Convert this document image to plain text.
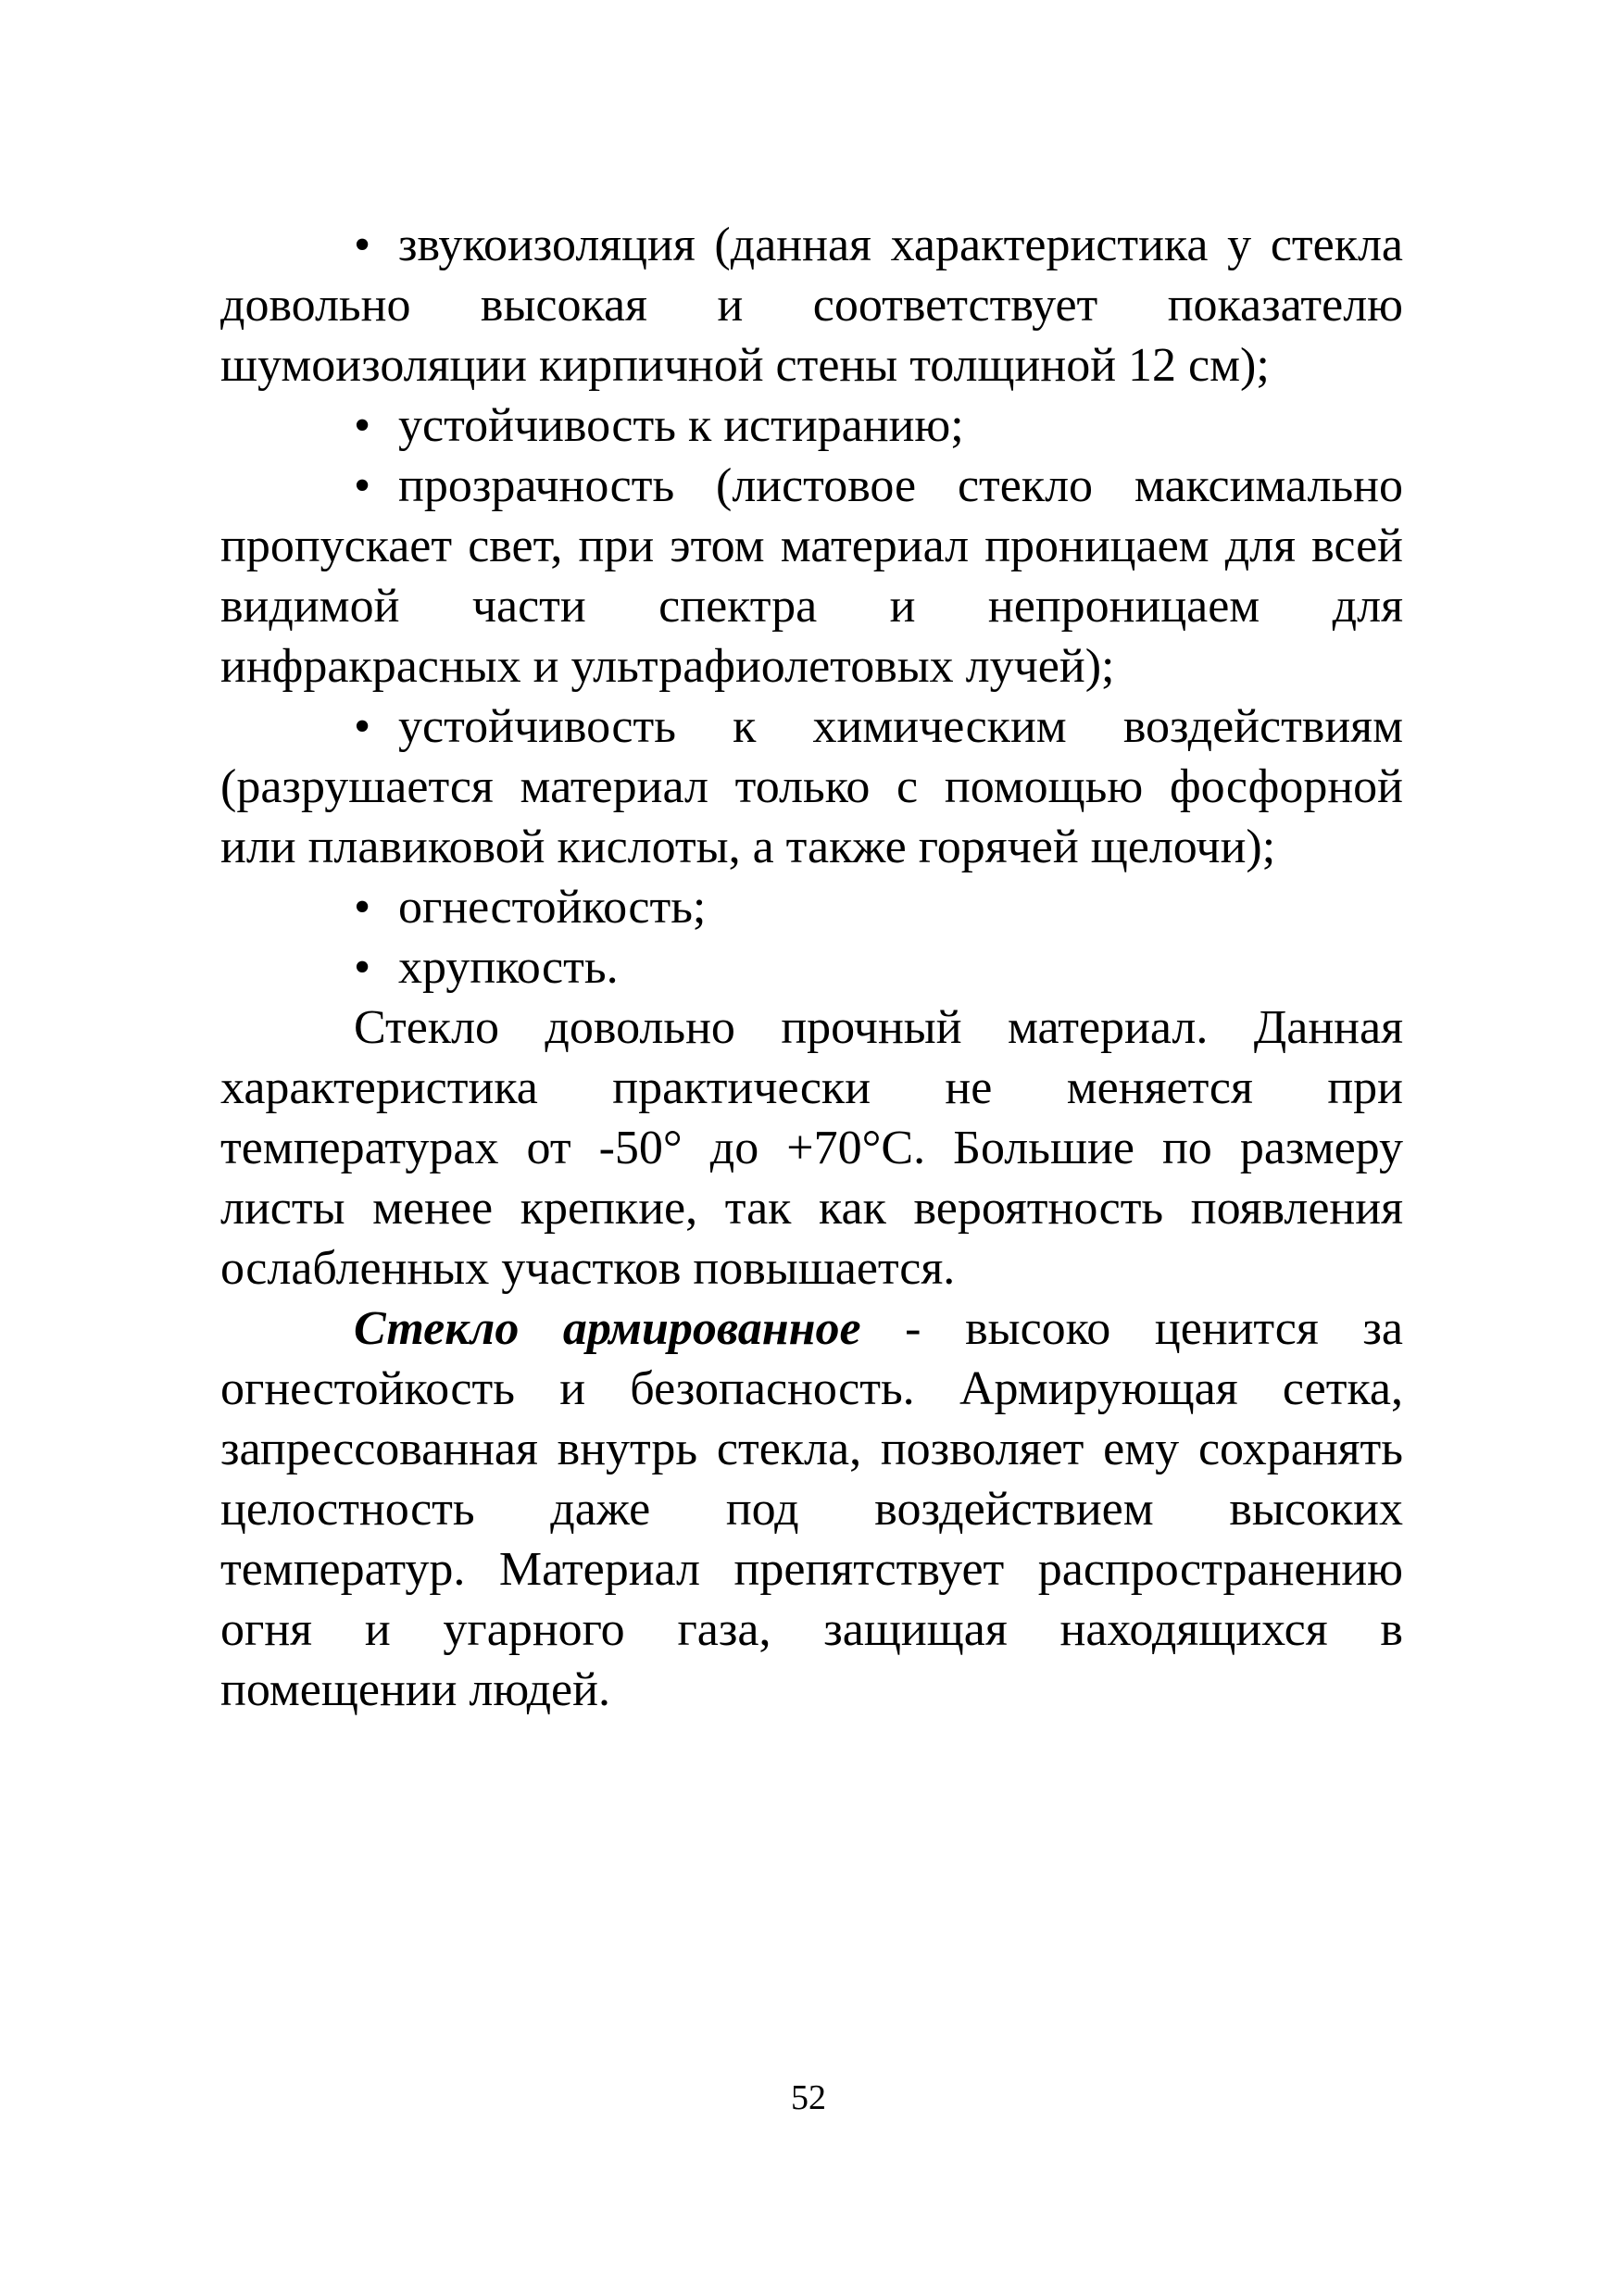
• звукоизоляция (данная характеристика у стекла довольно высокая и соответствует показателю шумоизоляции кирпичной стены толщиной 12 см);

• устойчивость к истиранию;

• прозрачность (листовое стекло максимально пропускает свет, при этом материал проницаем для всей видимой части спектра и непроницаем для инфракрасных и ультрафиолетовых лучей);

• устойчивость к химическим воздействиям (разрушается материал только с помощью фосфорной или плавиковой кислоты, а также горячей щелочи);

• огнестойкость;

• хрупкость.

Стекло довольно прочный материал. Данная характеристика практически не меняется при температурах от -50° до +70°С. Большие по размеру листы менее крепкие, так как вероятность появления ослабленных участков повышается.

Стекло армированное - высоко ценится за огнестойкость и безопасность. Армирующая сетка, запрессованная внутрь стекла, позволяет ему сохранять целостность даже под воздействием высоких температур. Материал препятствует распространению огня и угарного газа, защищая находящихся в помещении людей.

52
